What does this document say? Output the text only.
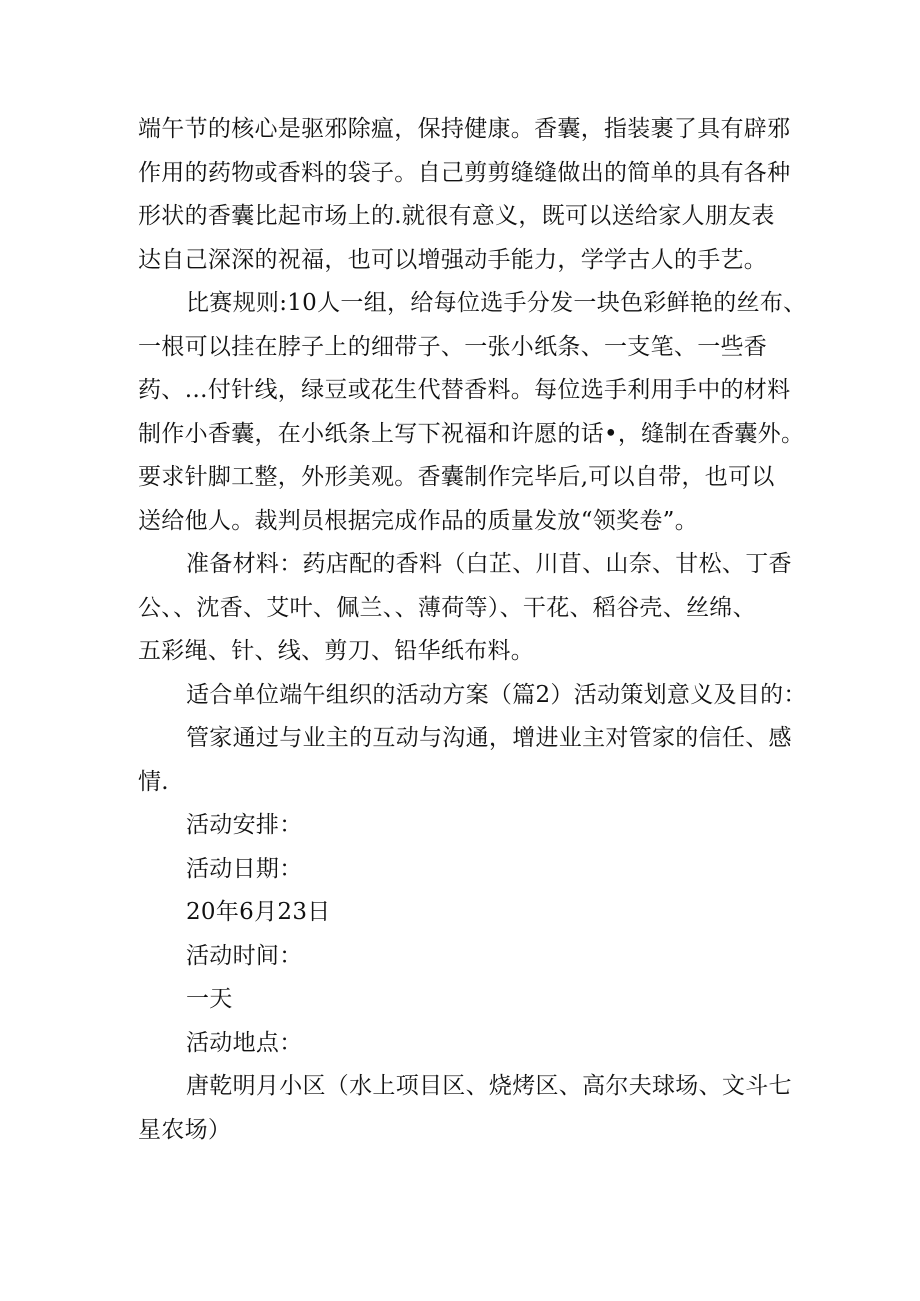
端午节的核心是驱邪除瘟，保持健康。香囊，指装裹了具有辟邪
作用的药物或香料的袋子。自己剪剪缝缝做出的简单的具有各种
形状的香囊比起市场上的.就很有意义，既可以送给家人朋友表
达自己深深的祝福，也可以增强动手能力，学学古人的手艺。
比赛规则:10人一组，给每位选手分发一块色彩鲜艳的丝布、
一根可以挂在脖子上的细带子、一张小纸条、一支笔、一些香
药、…付针线，绿豆或花生代替香料。每位选手利用手中的材料
制作小香囊，在小纸条上写下祝福和许愿的话•，缝制在香囊外。
要求针脚工整，外形美观。香囊制作完毕后,可以自带，也可以
送给他人。裁判员根据完成作品的质量发放“领奖卷”。
准备材料：药店配的香料（白芷、川苜、山奈、甘松、丁香
公、、沈香、艾叶、佩兰、、薄荷等）、干花、稻谷壳、丝绵、
五彩绳、针、线、剪刀、铅华纸布料。
适合单位端午组织的活动方案（篇2）活动策划意义及目的：
管家通过与业主的互动与沟通，增进业主对管家的信任、感
情.
活动安排：
活动日期：
20年6月23日
活动时间：
一天
活动地点：
唐乾明月小区（水上项目区、烧烤区、高尔夫球场、文斗七
星农场）
